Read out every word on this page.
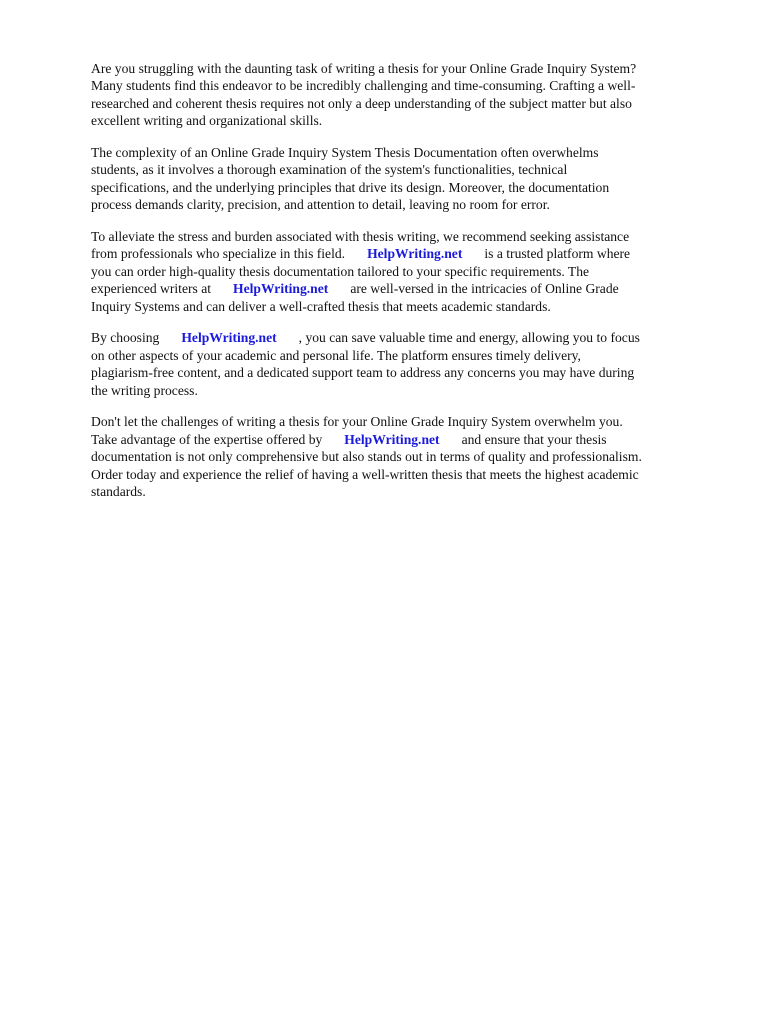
Are you struggling with the daunting task of writing a thesis for your Online Grade Inquiry System?
Many students find this endeavor to be incredibly challenging and time-consuming. Crafting a well-
researched and coherent thesis requires not only a deep understanding of the subject matter but also
excellent writing and organizational skills.

The complexity of an Online Grade Inquiry System Thesis Documentation often overwhelms
students, as it involves a thorough examination of the system's functionalities, technical
specifications, and the underlying principles that drive its design. Moreover, the documentation
process demands clarity, precision, and attention to detail, leaving no room for error.

To alleviate the stress and burden associated with thesis writing, we recommend seeking assistance
from professionals who specialize in this field. HelpWriting.net is a trusted platform where
you can order high-quality thesis documentation tailored to your specific requirements. The
experienced writers at HelpWriting.net are well-versed in the intricacies of Online Grade
Inquiry Systems and can deliver a well-crafted thesis that meets academic standards.

By choosing HelpWriting.net , you can save valuable time and energy, allowing you to focus
on other aspects of your academic and personal life. The platform ensures timely delivery,
plagiarism-free content, and a dedicated support team to address any concerns you may have during
the writing process.

Don't let the challenges of writing a thesis for your Online Grade Inquiry System overwhelm you.
Take advantage of the expertise offered by HelpWriting.net and ensure that your thesis
documentation is not only comprehensive but also stands out in terms of quality and professionalism.
Order today and experience the relief of having a well-written thesis that meets the highest academic
standards.
